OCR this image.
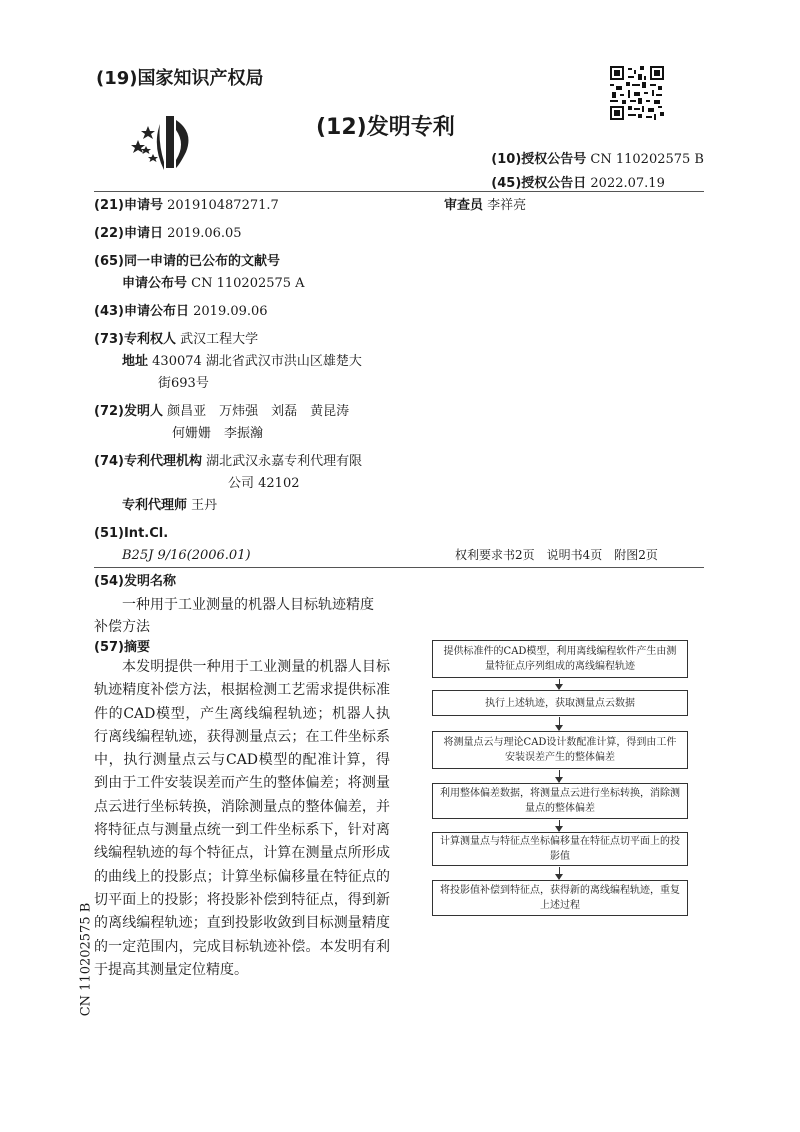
(19)国家知识产权局
(12)发明专利
(10)授权公告号 CN 110202575 B
(45)授权公告日 2022.07.19
(21)申请号 201910487271.7	审查员 李祥亮
(22)申请日 2019.06.05
(65)同一申请的已公布的文献号
申请公布号 CN 110202575 A
(43)申请公布日 2019.09.06
(73)专利权人 武汉工程大学
地址 430074 湖北省武汉市洪山区雄楚大
街693号
(72)发明人 颜昌亚　万炜强　刘磊　黄昆涛
何姗姗　李振瀚
(74)专利代理机构 湖北武汉永嘉专利代理有限
公司 42102
专利代理师 王丹
(51)Int.Cl.
B25J 9/16(2006.01)	权利要求书2页　说明书4页　附图2页
(54)发明名称
一种用于工业测量的机器人目标轨迹精度
补偿方法
(57)摘要
本发明提供一种用于工业测量的机器人目标轨迹精度补偿方法，根据检测工艺需求提供标准件的CAD模型，产生离线编程轨迹；机器人执行离线编程轨迹，获得测量点云；在工件坐标系中，执行测量点云与CAD模型的配准计算，得到由于工件安装误差而产生的整体偏差；将测量点云进行坐标转换，消除测量点的整体偏差，并将特征点与测量点统一到工件坐标系下，针对离线编程轨迹的每个特征点，计算在测量点所形成的曲线上的投影点；计算坐标偏移量在特征点的切平面上的投影；将投影补偿到特征点，得到新的离线编程轨迹；直到投影收敛到目标测量精度的一定范围内，完成目标轨迹补偿。本发明有利于提高其测量定位精度。
提供标准件的CAD模型，利用离线编程软件产生由测量特征点序列组成的离线编程轨迹
执行上述轨迹，获取测量点云数据
将测量点云与理论CAD设计数配准计算，得到由工件安装误差产生的整体偏差
利用整体偏差数据，将测量点云进行坐标转换，消除测量点的整体偏差
计算测量点与特征点坐标偏移量在特征点切平面上的投影值
将投影值补偿到特征点，获得新的离线编程轨迹，重复上述过程
CN 110202575 B
